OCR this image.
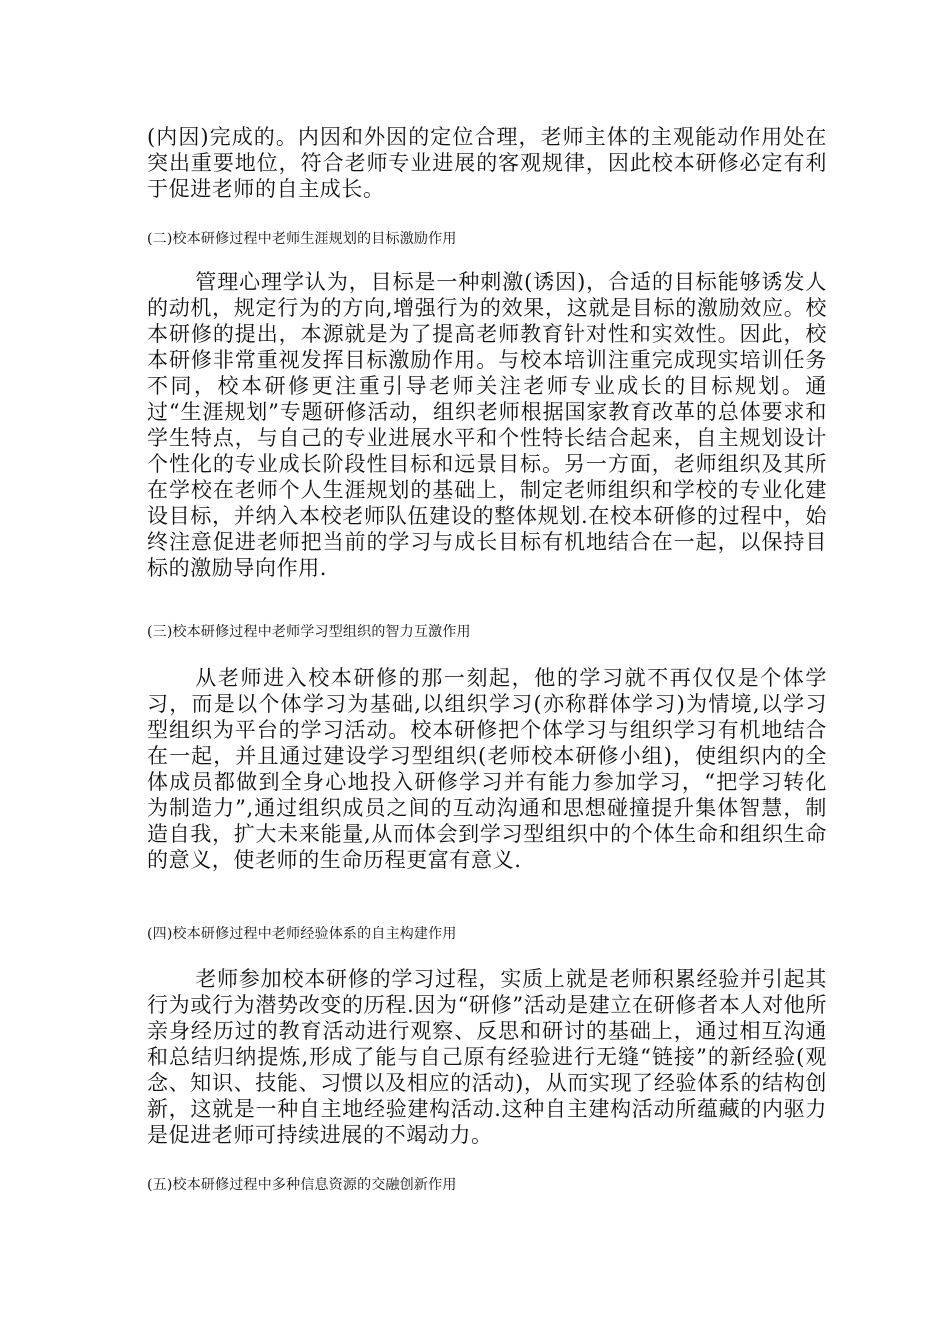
(内因)完成的。内因和外因的定位合理，老师主体的主观能动作用处在突出重要地位，符合老师专业进展的客观规律，因此校本研修必定有利于促进老师的自主成长。

(二)校本研修过程中老师生涯规划的目标激励作用

管理心理学认为，目标是一种刺激(诱因)，合适的目标能够诱发人的动机，规定行为的方向,增强行为的效果，这就是目标的激励效应。校本研修的提出，本源就是为了提高老师教育针对性和实效性。因此，校本研修非常重视发挥目标激励作用。与校本培训注重完成现实培训任务不同，校本研修更注重引导老师关注老师专业成长的目标规划。通过“生涯规划”专题研修活动，组织老师根据国家教育改革的总体要求和学生特点，与自己的专业进展水平和个性特长结合起来，自主规划设计个性化的专业成长阶段性目标和远景目标。另一方面，老师组织及其所在学校在老师个人生涯规划的基础上，制定老师组织和学校的专业化建设目标，并纳入本校老师队伍建设的整体规划.在校本研修的过程中，始终注意促进老师把当前的学习与成长目标有机地结合在一起，以保持目标的激励导向作用.

(三)校本研修过程中老师学习型组织的智力互激作用

从老师进入校本研修的那一刻起，他的学习就不再仅仅是个体学习，而是以个体学习为基础,以组织学习(亦称群体学习)为情境,以学习型组织为平台的学习活动。校本研修把个体学习与组织学习有机地结合在一起，并且通过建设学习型组织(老师校本研修小组)，使组织内的全体成员都做到全身心地投入研修学习并有能力参加学习，“把学习转化为制造力”,通过组织成员之间的互动沟通和思想碰撞提升集体智慧，制造自我，扩大未来能量,从而体会到学习型组织中的个体生命和组织生命的意义，使老师的生命历程更富有意义.

(四)校本研修过程中老师经验体系的自主构建作用

老师参加校本研修的学习过程，实质上就是老师积累经验并引起其行为或行为潜势改变的历程.因为“研修”活动是建立在研修者本人对他所亲身经历过的教育活动进行观察、反思和研讨的基础上，通过相互沟通和总结归纳提炼,形成了能与自己原有经验进行无缝“链接”的新经验(观念、知识、技能、习惯以及相应的活动)，从而实现了经验体系的结构创新，这就是一种自主地经验建构活动.这种自主建构活动所蕴藏的内驱力是促进老师可持续进展的不竭动力。

(五)校本研修过程中多种信息资源的交融创新作用
